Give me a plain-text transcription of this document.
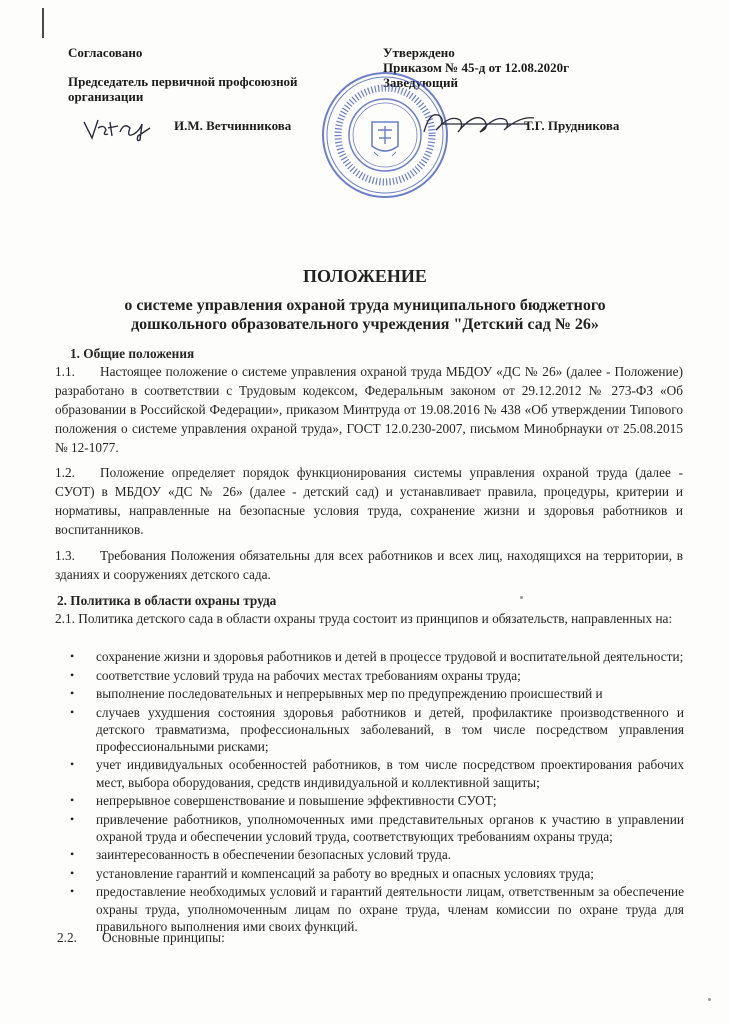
Согласовано
Председатель первичной профсоюзной
организации
Утверждено
Приказом № 45-д от 12.08.2020г
Заведующий
И.М. Ветчинникова	Т.Г. Прудникова
ПОЛОЖЕНИЕ
о системе управления охраной труда муниципального бюджетного
дошкольного образовательного учреждения "Детский сад № 26»
1. Общие положения
1.1. Настоящее положение о системе управления охраной труда МБДОУ «ДС № 26» (далее - Положение) разработано в соответствии с Трудовым кодексом, Федеральным законом от 29.12.2012 № 273-ФЗ «Об образовании в Российской Федерации», приказом Минтруда от 19.08.2016 № 438 «Об утверждении Типового положения о системе управления охраной труда», ГОСТ 12.0.230-2007, письмом Минобрнауки от 25.08.2015 № 12-1077.
1.2. Положение определяет порядок функционирования системы управления охраной труда (далее - СУОТ) в МБДОУ «ДС № 26» (далее - детский сад) и устанавливает правила, процедуры, критерии и нормативы, направленные на безопасные условия труда, сохранение жизни и здоровья работников и воспитанников.
1.3. Требования Положения обязательны для всех работников и всех лиц, находящихся на территории, в зданиях и сооружениях детского сада.
2. Политика в области охраны труда
2.1. Политика детского сада в области охраны труда состоит из принципов и обязательств, направленных на:
• сохранение жизни и здоровья работников и детей в процессе трудовой и воспитательной деятельности;
• соответствие условий труда на рабочих местах требованиям охраны труда;
• выполнение последовательных и непрерывных мер по предупреждению происшествий и
• случаев ухудшения состояния здоровья работников и детей, профилактике производственного и детского травматизма, профессиональных заболеваний, в том числе посредством управления профессиональными рисками;
• учет индивидуальных особенностей работников, в том числе посредством проектирования рабочих мест, выбора оборудования, средств индивидуальной и коллективной защиты;
• непрерывное совершенствование и повышение эффективности СУОТ;
• привлечение работников, уполномоченных ими представительных органов к участию в управлении охраной труда и обеспечении условий труда, соответствующих требованиям охраны труда;
• заинтересованность в обеспечении безопасных условий труда.
• установление гарантий и компенсаций за работу во вредных и опасных условиях труда;
• предоставление необходимых условий и гарантий деятельности лицам, ответственным за обеспечение охраны труда, уполномоченным лицам по охране труда, членам комиссии по охране труда для правильного выполнения ими своих функций.
2.2. Основные принципы:
